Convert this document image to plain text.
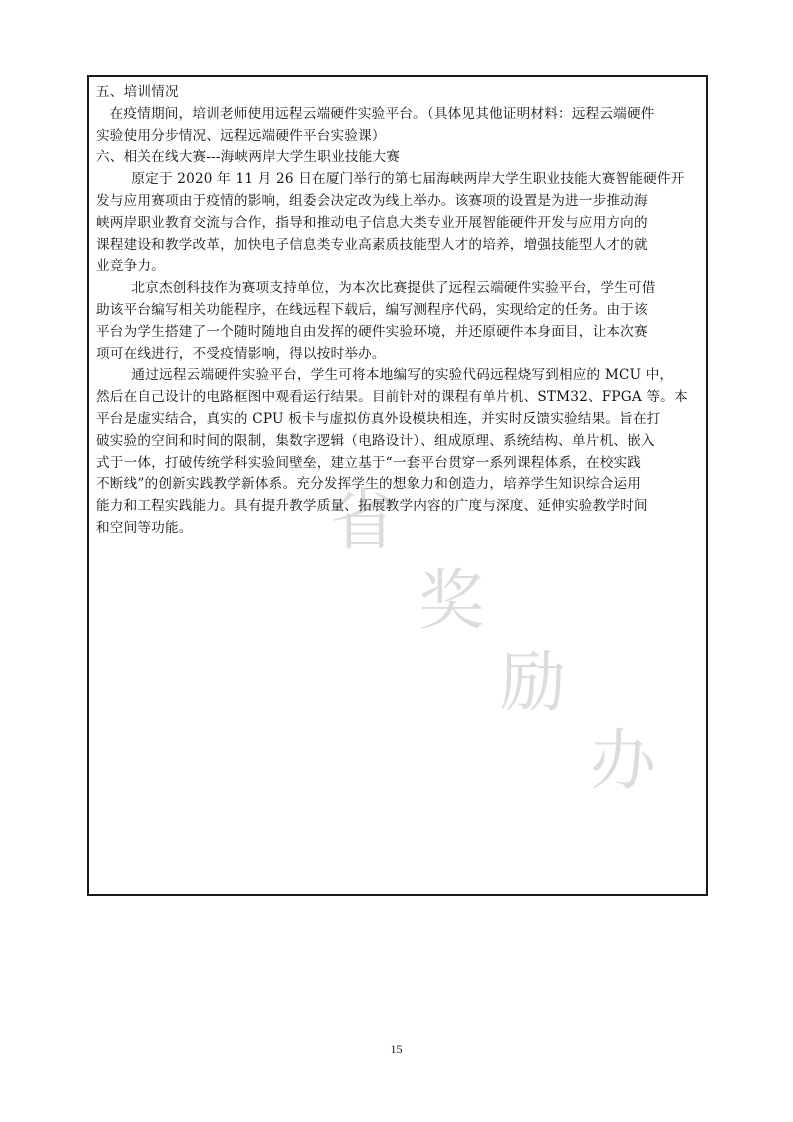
省
奖
励
办
五、培训情况
在疫情期间，培训老师使用远程云端硬件实验平台。（具体见其他证明材料：远程云端硬件
实验使用分步情况、远程远端硬件平台实验课）
六、相关在线大赛---海峡两岸大学生职业技能大赛
原定于 2020 年 11 月 26 日在厦门举行的第七届海峡两岸大学生职业技能大赛智能硬件开
发与应用赛项由于疫情的影响，组委会决定改为线上举办。该赛项的设置是为进一步推动海
峡两岸职业教育交流与合作，指导和推动电子信息大类专业开展智能硬件开发与应用方向的
课程建设和教学改革，加快电子信息类专业高素质技能型人才的培养，增强技能型人才的就
业竞争力。
北京杰创科技作为赛项支持单位，为本次比赛提供了远程云端硬件实验平台，学生可借
助该平台编写相关功能程序，在线远程下载后，编写测程序代码，实现给定的任务。由于该
平台为学生搭建了一个随时随地自由发挥的硬件实验环境，并还原硬件本身面目，让本次赛
项可在线进行，不受疫情影响，得以按时举办。
通过远程云端硬件实验平台，学生可将本地编写的实验代码远程烧写到相应的 MCU 中，
然后在自己设计的电路框图中观看运行结果。目前针对的课程有单片机、STM32、FPGA 等。本
平台是虚实结合，真实的 CPU 板卡与虚拟仿真外设模块相连，并实时反馈实验结果。旨在打
破实验的空间和时间的限制，集数字逻辑（电路设计）、组成原理、系统结构、单片机、嵌入
式于一体，打破传统学科实验间壁垒，建立基于“一套平台贯穿一系列课程体系，在校实践
不断线”的创新实践教学新体系。充分发挥学生的想象力和创造力，培养学生知识综合运用
能力和工程实践能力。具有提升教学质量、拓展教学内容的广度与深度、延伸实验教学时间
和空间等功能。
15
